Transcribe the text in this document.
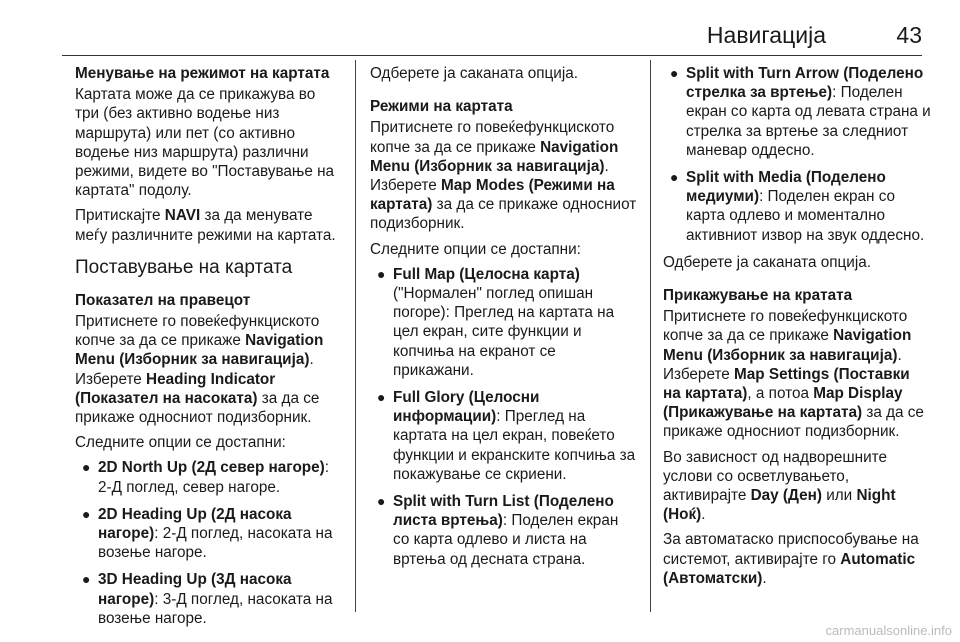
Навигација	43

Менување на режимот на картата

Картата може да се прикажува во три (без активно водење низ маршрута) или пет (со активно водење низ маршрута) различни режими, видете во "Поставување на картата" подолу.

Притискајте NAVI за да менувате меѓу различните режими на картата.

Поставување на картата

Показател на правецот

Притиснете го повеќефункциското копче за да се прикаже Navigation Menu (Изборник за навигација). Изберете Heading Indicator (Показател на насоката) за да се прикаже односниот подизборник.

Следните опции се достапни:

● 2D North Up (2Д север нагоре): 2-Д поглед, север нагоре.
● 2D Heading Up (2Д насока нагоре): 2-Д поглед, насоката на возење нагоре.
● 3D Heading Up (3Д насока нагоре): 3-Д поглед, насоката на возење нагоре.

Одберете ја саканата опција.

Режими на картата

Притиснете го повеќефункциското копче за да се прикаже Navigation Menu (Изборник за навигација). Изберете Map Modes (Режими на картата) за да се прикаже односниот подизборник.

Следните опции се достапни:

● Full Map (Целосна карта) ("Нормален" поглед опишан погоре): Преглед на картата на цел екран, сите функции и копчиња на екранот се прикажани.
● Full Glory (Целосни информации): Преглед на картата на цел екран, повеќето функции и екранските копчиња за покажување се скриени.
● Split with Turn List (Поделено листа вртења): Поделен екран со карта одлево и листа на вртења од десната страна.
● Split with Turn Arrow (Поделено стрелка за вртење): Поделен екран со карта од левата страна и стрелка за вртење за следниот маневар оддесно.
● Split with Media (Поделено медиуми): Поделен екран со карта одлево и моментално активниот извор на звук оддесно.

Одберете ја саканата опција.

Прикажување на кратата

Притиснете го повеќефункциското копче за да се прикаже Navigation Menu (Изборник за навигација). Изберете Map Settings (Поставки на картата), а потоа Map Display (Прикажување на картата) за да се прикаже односниот подизборник.

Во зависност од надворешните услови со осветлувањето, активирајте Day (Ден) или Night (Ноќ).

За автоматаско приспособување на системот, активирајте го Automatic (Автоматски).

carmanualsonline.info
